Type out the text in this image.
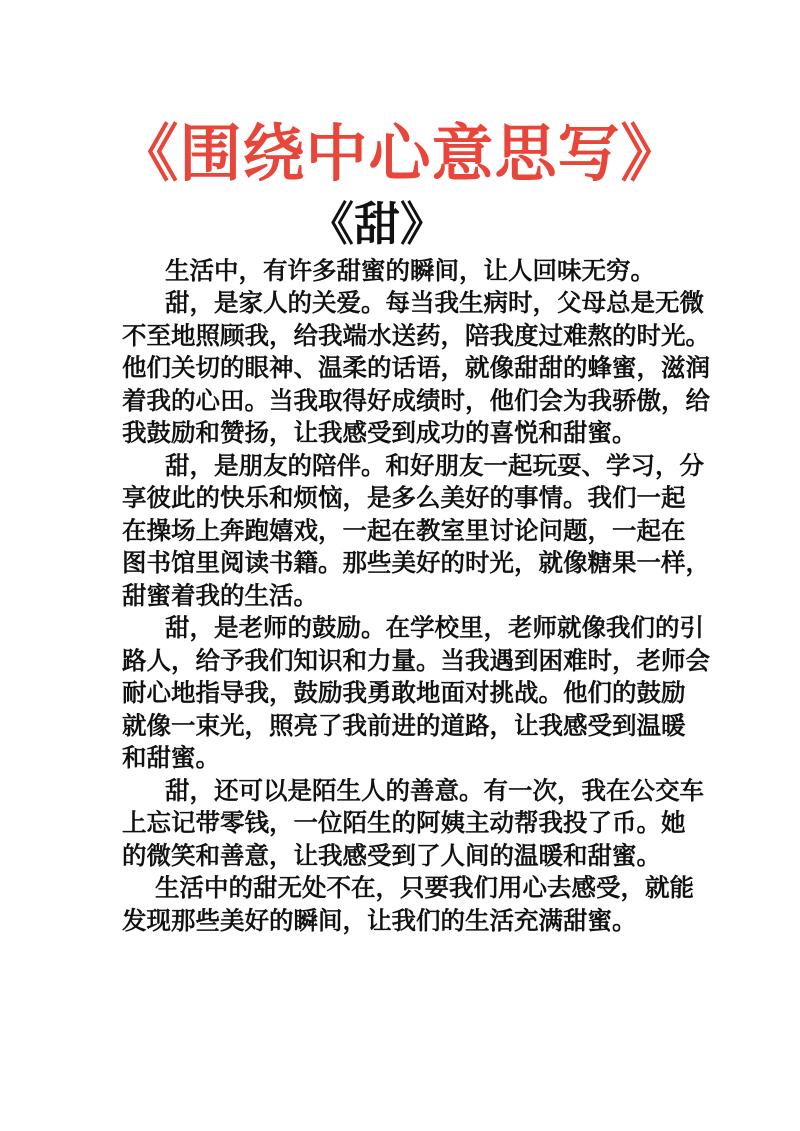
《围绕中心意思写》
《甜》
生活中，有许多甜蜜的瞬间，让人回味无穷。
甜，是家人的关爱。每当我生病时，父母总是无微
不至地照顾我，给我端水送药，陪我度过难熬的时光。
他们关切的眼神、温柔的话语，就像甜甜的蜂蜜，滋润
着我的心田。当我取得好成绩时，他们会为我骄傲，给
我鼓励和赞扬，让我感受到成功的喜悦和甜蜜。
甜，是朋友的陪伴。和好朋友一起玩耍、学习，分
享彼此的快乐和烦恼，是多么美好的事情。我们一起
在操场上奔跑嬉戏，一起在教室里讨论问题，一起在
图书馆里阅读书籍。那些美好的时光，就像糖果一样，
甜蜜着我的生活。
甜，是老师的鼓励。在学校里，老师就像我们的引
路人，给予我们知识和力量。当我遇到困难时，老师会
耐心地指导我，鼓励我勇敢地面对挑战。他们的鼓励
就像一束光，照亮了我前进的道路，让我感受到温暖
和甜蜜。
甜，还可以是陌生人的善意。有一次，我在公交车
上忘记带零钱，一位陌生的阿姨主动帮我投了币。她
的微笑和善意，让我感受到了人间的温暖和甜蜜。
生活中的甜无处不在，只要我们用心去感受，就能
发现那些美好的瞬间，让我们的生活充满甜蜜。
